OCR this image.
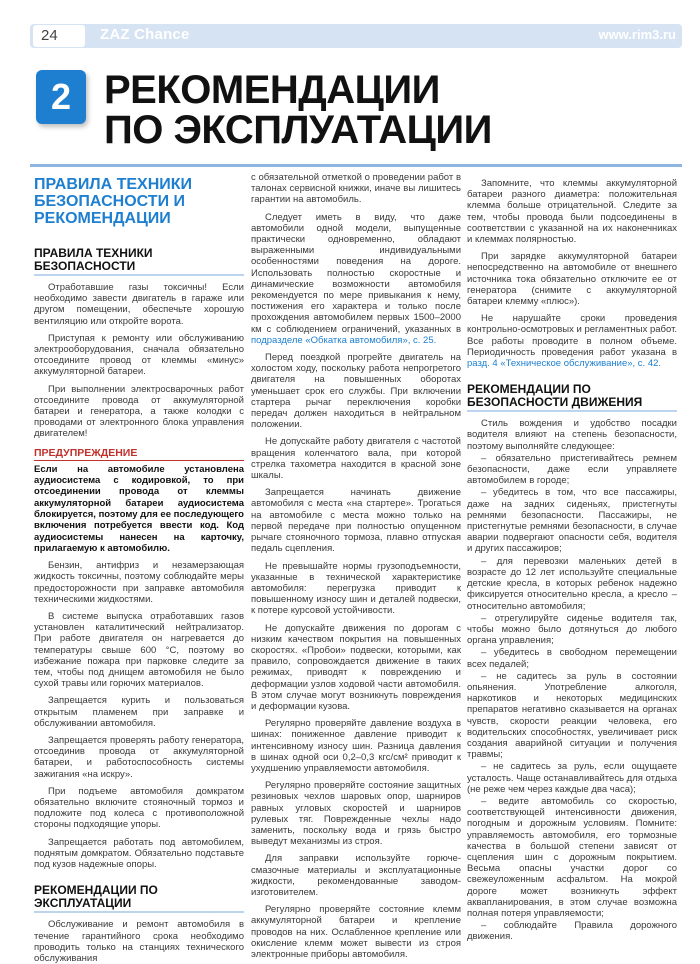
24	ZAZ Chance	www.rim3.ru
2 РЕКОМЕНДАЦИИ
ПО ЭКСПЛУАТАЦИИ
ПРАВИЛА ТЕХНИКИ БЕЗОПАСНОСТИ И РЕКОМЕНДАЦИИ
ПРАВИЛА ТЕХНИКИ БЕЗОПАСНОСТИ

Отработавшие газы токсичны! Если необходимо завести двигатель в гараже или другом помещении, обеспечьте хорошую вентиляцию или откройте ворота.

Приступая к ремонту или обслуживанию электрооборудования, сначала обязательно отсоедините провод от клеммы «минус» аккумуляторной батареи.

При выполнении электросварочных работ отсоедините провода от аккумуляторной батареи и генератора, а также колодки с проводами от электронного блока управления двигателем!

ПРЕДУПРЕЖДЕНИЕ

Если на автомобиле установлена аудиосистема с кодировкой, то при отсоединении провода от клеммы аккумуляторной батареи аудиосистема блокируется, поэтому для ее последующего включения потребуется ввести код. Код аудиосистемы нанесен на карточку, прилагаемую к автомобилю.

Бензин, антифриз и незамерзающая жидкость токсичны, поэтому соблюдайте меры предосторожности при заправке автомобиля техническими жидкостями.

В системе выпуска отработавших газов установлен каталитический нейтрализатор. При работе двигателя он нагревается до температуры свыше 600 °С, поэтому во избежание пожара при парковке следите за тем, чтобы под днищем автомобиля не было сухой травы или горючих материалов.

Запрещается курить и пользоваться открытым пламенем при заправке и обслуживании автомобиля.

Запрещается проверять работу генератора, отсоединив провода от аккумуляторной батареи, и работоспособность системы зажигания «на искру».

При подъеме автомобиля домкратом обязательно включите стояночный тормоз и подложите под колеса с противоположной стороны подходящие упоры.

Запрещается работать под автомобилем, поднятым домкратом. Обязательно подставьте под кузов надежные опоры.

РЕКОМЕНДАЦИИ ПО ЭКСПЛУАТАЦИИ

Обслуживание и ремонт автомобиля в течение гарантийного срока необходимо проводить только на станциях технического обслуживания

с обязательной отметкой о проведении работ в талонах сервисной книжки, иначе вы лишитесь гарантии на автомобиль.

Следует иметь в виду, что даже автомобили одной модели, выпущенные практически одновременно, обладают выраженными индивидуальными особенностями поведения на дороге. Использовать полностью скоростные и динамические возможности автомобиля рекомендуется по мере привыкания к нему, постижения его характера и только после прохождения автомобилем первых 1500–2000 км с соблюдением ограничений, указанных в подразделе «Обкатка автомобиля», с. 25.

Перед поездкой прогрейте двигатель на холостом ходу, поскольку работа непрогретого двигателя на повышенных оборотах уменьшает срок его службы. При включении стартера рычаг переключения коробки передач должен находиться в нейтральном положении.

Не допускайте работу двигателя с частотой вращения коленчатого вала, при которой стрелка тахометра находится в красной зоне шкалы.

Запрещается начинать движение автомобиля с места «на стартере». Трогаться на автомобиле с места можно только на первой передаче при полностью опущенном рычаге стояночного тормоза, плавно отпуская педаль сцепления.

Не превышайте нормы грузоподъемности, указанные в технической характеристике автомобиля: перегрузка приводит к повышенному износу шин и деталей подвески, к потере курсовой устойчивости.

Не допускайте движения по дорогам с низким качеством покрытия на повышенных скоростях. «Пробои» подвески, которыми, как правило, сопровождается движение в таких режимах, приводят к повреждению и деформации узлов ходовой части автомобиля. В этом случае могут возникнуть повреждения и деформации кузова.

Регулярно проверяйте давление воздуха в шинах: пониженное давление приводит к интенсивному износу шин. Разница давления в шинах одной оси 0,2–0,3 кгс/см² приводит к ухудшению управляемости автомобиля.

Регулярно проверяйте состояние защитных резиновых чехлов шаровых опор, шарниров равных угловых скоростей и шарниров рулевых тяг. Поврежденные чехлы надо заменить, поскольку вода и грязь быстро выведут механизмы из строя.

Для заправки используйте горюче-смазочные материалы и эксплуатационные жидкости, рекомендованные заводом-изготовителем.

Регулярно проверяйте состояние клемм аккумуляторной батареи и крепление проводов на них. Ослабленное крепление или окисление клемм может вывести из строя электронные приборы автомобиля.

Запомните, что клеммы аккумуляторной батареи разного диаметра: положительная клемма больше отрицательной. Следите за тем, чтобы провода были подсоединены в соответствии с указанной на их наконечниках и клеммах полярностью.

При зарядке аккумуляторной батареи непосредственно на автомобиле от внешнего источника тока обязательно отключите ее от генератора (снимите с аккумуляторной батареи клемму «плюс»).

Не нарушайте сроки проведения контрольно-осмотровых и регламентных работ. Все работы проводите в полном объеме. Периодичность проведения работ указана в разд. 4 «Техническое обслуживание», с. 42.

РЕКОМЕНДАЦИИ ПО БЕЗОПАСНОСТИ ДВИЖЕНИЯ

Стиль вождения и удобство посадки водителя влияют на степень безопасности, поэтому выполняйте следующее:

– обязательно пристегивайтесь ремнем безопасности, даже если управляете автомобилем в городе;

– убедитесь в том, что все пассажиры, даже на задних сиденьях, пристегнуты ремнями безопасности. Пассажиры, не пристегнутые ремнями безопасности, в случае аварии подвергают опасности себя, водителя и других пассажиров;

– для перевозки маленьких детей в возрасте до 12 лет используйте специальные детские кресла, в которых ребенок надежно фиксируется относительно кресла, а кресло – относительно автомобиля;

– отрегулируйте сиденье водителя так, чтобы можно было дотянуться до любого органа управления;

– убедитесь в свободном перемещении всех педалей;

– не садитесь за руль в состоянии опьянения. Употребление алкоголя, наркотиков и некоторых медицинских препаратов негативно сказывается на органах чувств, скорости реакции человека, его водительских способностях, увеличивает риск создания аварийной ситуации и получения травмы;

– не садитесь за руль, если ощущаете усталость. Чаще останавливайтесь для отдыха (не реже чем через каждые два часа);

– ведите автомобиль со скоростью, соответствующей интенсивности движения, погодным и дорожным условиям. Помните: управляемость автомобиля, его тормозные качества в большой степени зависят от сцепления шин с дорожным покрытием. Весьма опасны участки дорог со свежеуложенным асфальтом. На мокрой дороге может возникнуть эффект аквапланирования, в этом случае возможна полная потеря управляемости;

– соблюдайте Правила дорожного движения.
